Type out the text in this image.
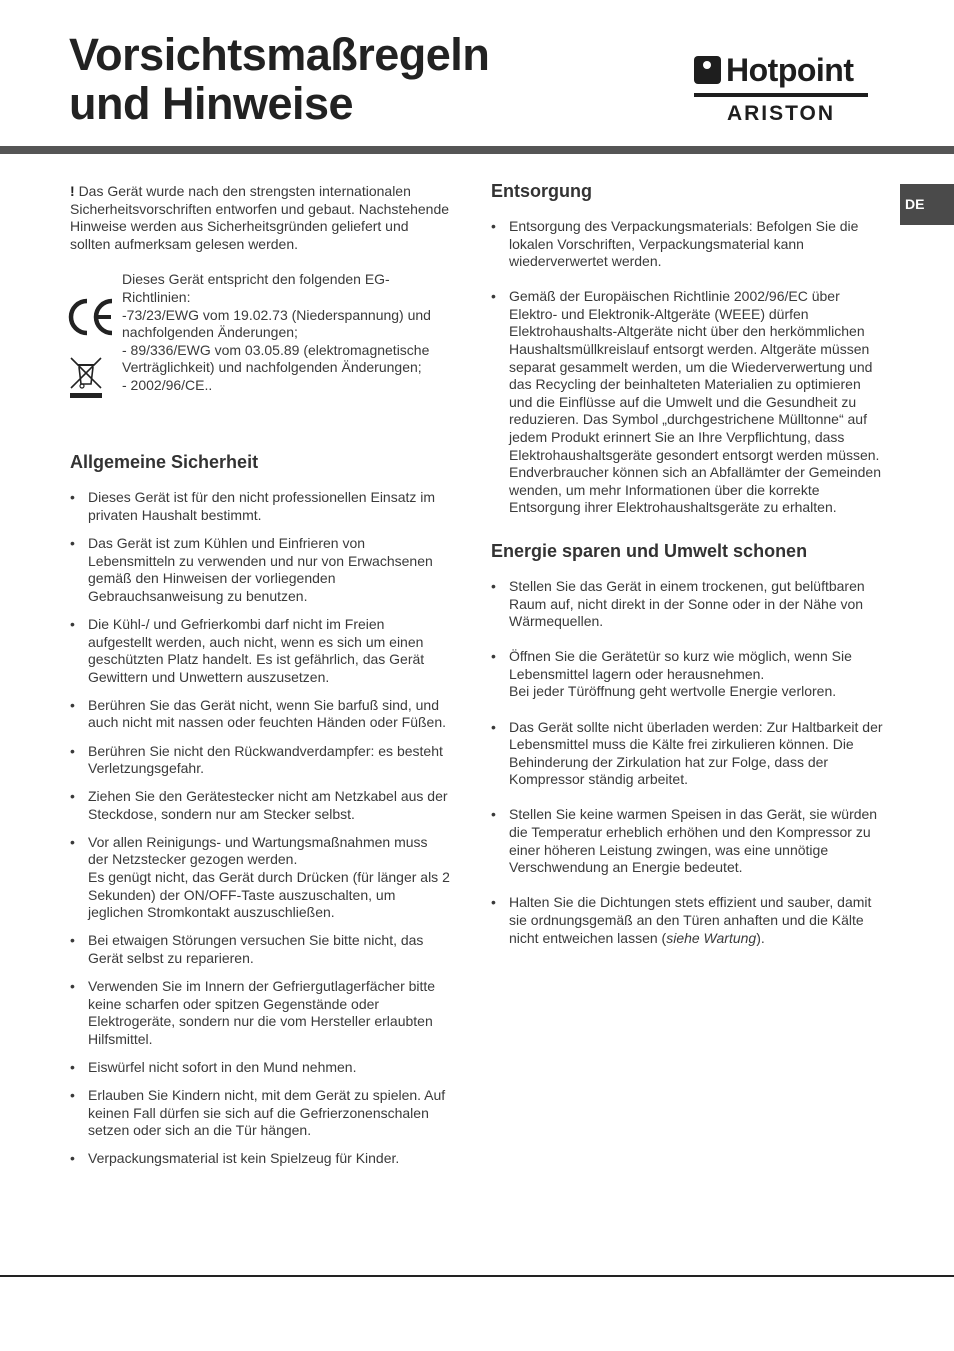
Vorsichtsmaßregeln
und Hinweise
Hotpoint
ARISTON
DE

! Das Gerät wurde nach den strengsten internationalen Sicherheitsvorschriften entworfen und gebaut. Nachstehende Hinweise werden aus Sicherheitsgründen geliefert und sollten aufmerksam gelesen werden.

Dieses Gerät entspricht den folgenden EG-Richtlinien:

-73/23/EWG vom 19.02.73 (Niederspannung) und nachfolgenden Änderungen;

- 89/336/EWG vom 03.05.89 (elektromagnetische Verträglichkeit) und nachfolgenden Änderungen;

- 2002/96/CE..

Allgemeine Sicherheit
• Dieses Gerät ist für den nicht professionellen Einsatz im privaten Haushalt bestimmt.
• Das Gerät ist zum Kühlen und Einfrieren von Lebensmitteln zu verwenden und nur von Erwachsenen gemäß den Hinweisen der vorliegenden Gebrauchsanweisung zu benutzen.
• Die Kühl-/ und Gefrierkombi darf nicht im Freien aufgestellt werden, auch nicht, wenn es sich um einen geschützten Platz handelt. Es ist gefährlich, das Gerät Gewittern und Unwettern auszusetzen.
• Berühren Sie das Gerät nicht, wenn Sie barfuß sind, und auch nicht mit nassen oder feuchten Händen oder Füßen.
• Berühren Sie nicht den Rückwandverdampfer: es besteht Verletzungsgefahr.
• Ziehen Sie den Gerätestecker nicht am Netzkabel aus der Steckdose, sondern nur am Stecker selbst.
• Vor allen Reinigungs- und Wartungsmaßnahmen muss der Netzstecker gezogen werden.
Es genügt nicht, das Gerät durch Drücken (für länger als 2 Sekunden) der ON/OFF-Taste auszuschalten, um jeglichen Stromkontakt auszuschließen.
• Bei etwaigen Störungen versuchen Sie bitte nicht, das Gerät selbst zu reparieren.
• Verwenden Sie im Innern der Gefriergutlagerfächer bitte keine scharfen oder spitzen Gegenstände oder Elektrogeräte, sondern nur die vom Hersteller erlaubten Hilfsmittel.
• Eiswürfel nicht sofort in den Mund nehmen.
• Erlauben Sie Kindern nicht, mit dem Gerät zu spielen. Auf keinen Fall dürfen sie sich auf die Gefrierzonenschalen setzen oder sich an die Tür hängen.
• Verpackungsmaterial ist kein Spielzeug für Kinder.
Entsorgung
• Entsorgung des Verpackungsmaterials: Befolgen Sie die lokalen Vorschriften, Verpackungsmaterial kann wiederverwertet werden.
• Gemäß der Europäischen Richtlinie 2002/96/EC über Elektro- und Elektronik-Altgeräte (WEEE) dürfen Elektrohaushalts-Altgeräte nicht über den herkömmlichen Haushaltsmüllkreislauf entsorgt werden. Altgeräte müssen separat gesammelt werden, um die Wiederverwertung und das Recycling der beinhalteten Materialien zu optimieren und die Einflüsse auf die Umwelt und die Gesundheit zu reduzieren. Das Symbol „durchgestrichene Mülltonne“ auf jedem Produkt erinnert Sie an Ihre Verpflichtung, dass Elektrohaushaltsgeräte gesondert entsorgt werden müssen.
Endverbraucher können sich an Abfallämter der Gemeinden wenden, um mehr Informationen über die korrekte Entsorgung ihrer Elektrohaushaltsgeräte zu erhalten.
Energie sparen und Umwelt schonen
• Stellen Sie das Gerät in einem trockenen, gut belüftbaren Raum auf, nicht direkt in der Sonne oder in der Nähe von Wärmequellen.
• Öffnen Sie die Gerätetür so kurz wie möglich, wenn Sie Lebensmittel lagern oder herausnehmen.
Bei jeder Türöffnung geht wertvolle Energie verloren.
• Das Gerät sollte nicht überladen werden: Zur Haltbarkeit der Lebensmittel muss die Kälte frei zirkulieren können. Die Behinderung der Zirkulation hat zur Folge, dass der Kompressor ständig arbeitet.
• Stellen Sie keine warmen Speisen in das Gerät, sie würden die Temperatur erheblich erhöhen und den Kompressor zu einer höheren Leistung zwingen, was eine unnötige Verschwendung an Energie bedeutet.
• Halten Sie die Dichtungen stets effizient und sauber, damit sie ordnungsgemäß an den Türen anhaften und die Kälte nicht entweichen lassen (siehe Wartung).
